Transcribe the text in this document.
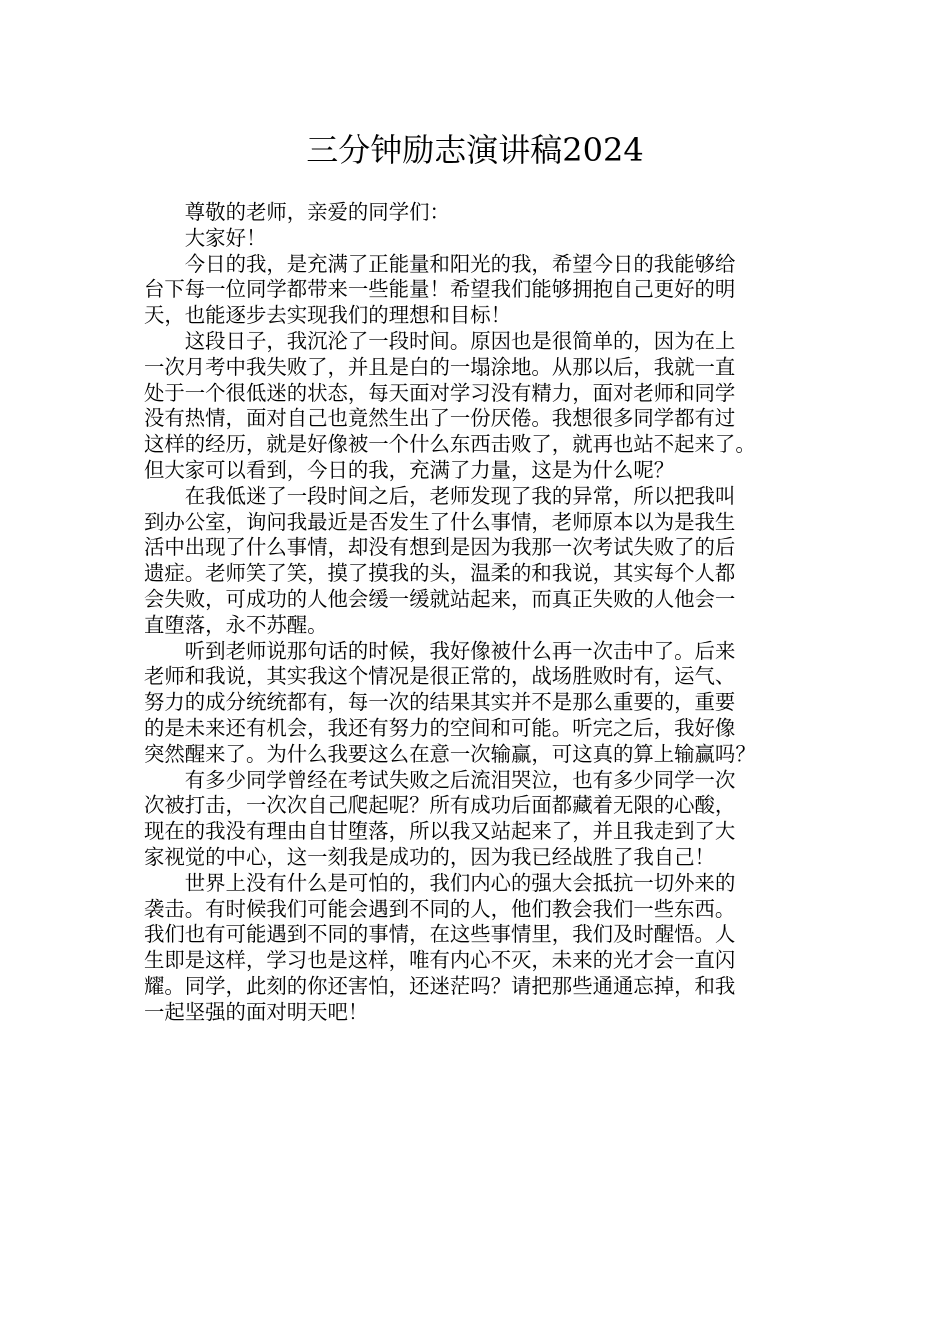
三分钟励志演讲稿2024

尊敬的老师，亲爱的同学们：

大家好！

今日的我，是充满了正能量和阳光的我，希望今日的我能够给
台下每一位同学都带来一些能量！希望我们能够拥抱自己更好的明
天，也能逐步去实现我们的理想和目标！
这段日子，我沉沦了一段时间。原因也是很简单的，因为在上
一次月考中我失败了，并且是白的一塌涂地。从那以后，我就一直
处于一个很低迷的状态，每天面对学习没有精力，面对老师和同学
没有热情，面对自己也竟然生出了一份厌倦。我想很多同学都有过
这样的经历，就是好像被一个什么东西击败了，就再也站不起来了。
但大家可以看到，今日的我，充满了力量，这是为什么呢？
在我低迷了一段时间之后，老师发现了我的异常，所以把我叫
到办公室，询问我最近是否发生了什么事情，老师原本以为是我生
活中出现了什么事情，却没有想到是因为我那一次考试失败了的后
遗症。老师笑了笑，摸了摸我的头，温柔的和我说，其实每个人都
会失败，可成功的人他会缓一缓就站起来，而真正失败的人他会一
直堕落，永不苏醒。
听到老师说那句话的时候，我好像被什么再一次击中了。后来
老师和我说，其实我这个情况是很正常的，战场胜败时有，运气、
努力的成分统统都有，每一次的结果其实并不是那么重要的，重要
的是未来还有机会，我还有努力的空间和可能。听完之后，我好像
突然醒来了。为什么我要这么在意一次输赢，可这真的算上输赢吗？
有多少同学曾经在考试失败之后流泪哭泣，也有多少同学一次
次被打击，一次次自己爬起呢？所有成功后面都藏着无限的心酸，
现在的我没有理由自甘堕落，所以我又站起来了，并且我走到了大
家视觉的中心，这一刻我是成功的，因为我已经战胜了我自己！
世界上没有什么是可怕的，我们内心的强大会抵抗一切外来的
袭击。有时候我们可能会遇到不同的人，他们教会我们一些东西。
我们也有可能遇到不同的事情，在这些事情里，我们及时醒悟。人
生即是这样，学习也是这样，唯有内心不灭，未来的光才会一直闪
耀。同学，此刻的你还害怕，还迷茫吗？请把那些通通忘掉，和我
一起坚强的面对明天吧！
